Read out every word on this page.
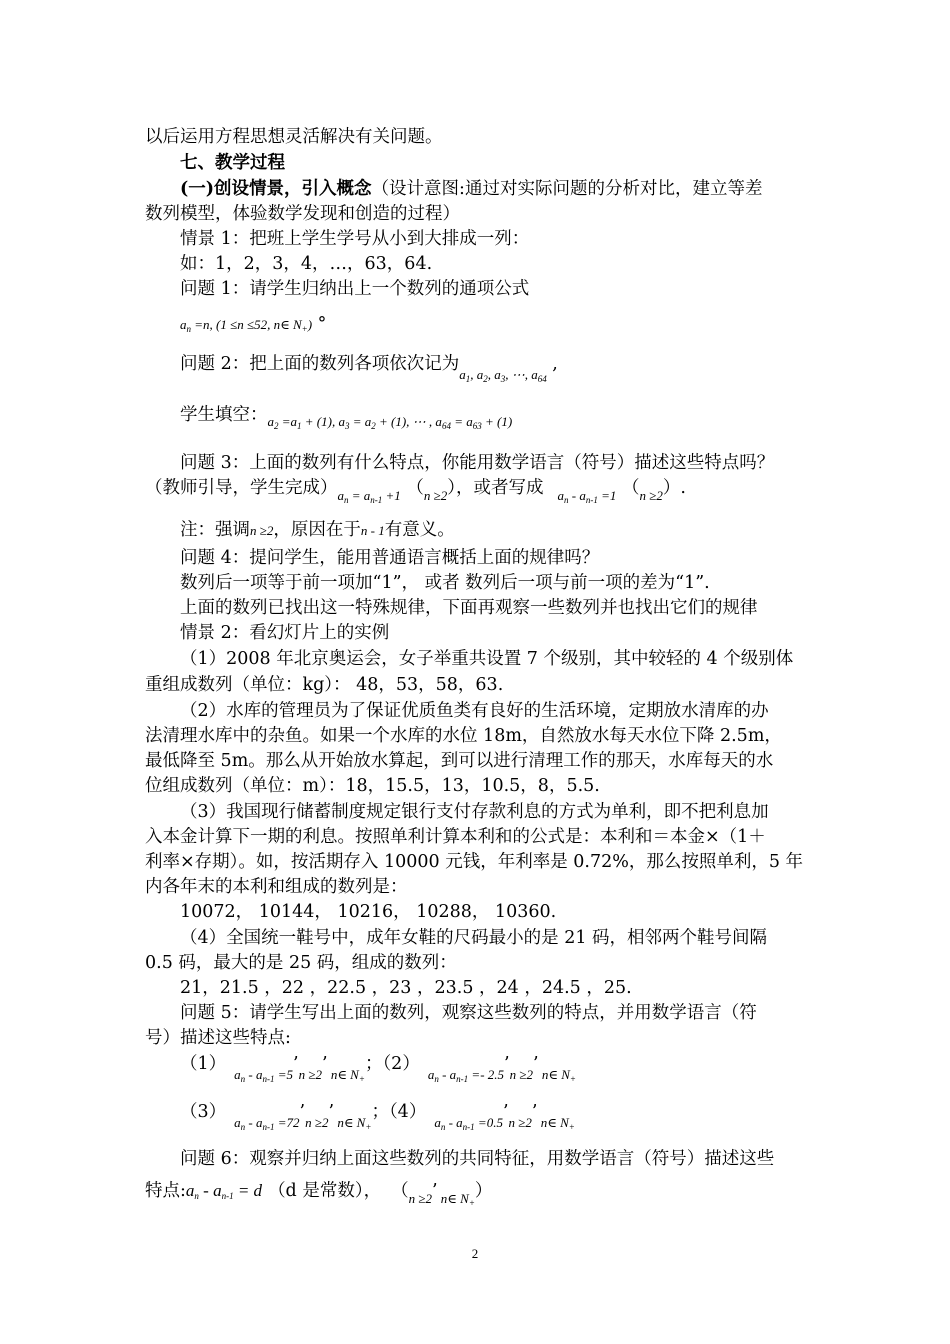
以后运用方程思想灵活解决有关问题。
七、教学过程
(一)创设情景，引入概念（设计意图:通过对实际问题的分析对比，建立等差
数列模型，体验数学发现和创造的过程）
情景 1：把班上学生学号从小到大排成一列：
如：1，2，3，4，…，63，64.
问题 1：请学生归纳出上一个数列的通项公式
$a_n =n$, (1 ≤n ≤52, n∈ $N_+$) °
问题 2：把上面的数列各项依次记为$_{a_1, a_2, a_3, \cdots, a_{64}}$ ,
学生填空：$_{a_2 =a_1 + (1), a_3 = a_2 + (1), \cdots , a_{64} = a_{63} + (1)}$
问题 3：上面的数列有什么特点，你能用数学语言（符号）描述这些特点吗？
（教师引导，学生完成）$_{a_n = a_{n-1} +1}$ $(_{n \ge 2})$，或者写成 $_{a_n - a_{n-1} =1}$ $(_{n \ge 2})$.
注：强调n ≥2，原因在于n - 1有意义。
问题 4：提问学生，能用普通语言概括上面的规律吗？
数列后一项等于前一项加“1”， 或者 数列后一项与前一项的差为“1”.
上面的数列已找出这一特殊规律，下面再观察一些数列并也找出它们的规律
情景 2：看幻灯片上的实例
（1）2008 年北京奥运会，女子举重共设置 7 个级别，其中较轻的 4 个级别体
重组成数列（单位：kg）： 48，53，58，63.
（2）水库的管理员为了保证优质鱼类有良好的生活环境，定期放水清库的办
法清理水库中的杂鱼。如果一个水库的水位 18m，自然放水每天水位下降 2.5m，
最低降至 5m。那么从开始放水算起，到可以进行清理工作的那天，水库每天的水
位组成数列（单位：m）：18，15.5，13，10.5，8，5.5.
（3）我国现行储蓄制度规定银行支付存款利息的方式为单利，即不把利息加
入本金计算下一期的利息。按照单利计算本利和的公式是：本利和＝本金×（1＋
利率×存期）。如，按活期存入 10000 元钱，年利率是 0.72%，那么按照单利，5 年
内各年末的本利和组成的数列是：
10072， 10144， 10216， 10288， 10360.
（4）全国统一鞋号中，成年女鞋的尺码最小的是 21 码，相邻两个鞋号间隔
0.5 码，最大的是 25 码，组成的数列：
21，21.5 ，22 ，22.5 ，23 ，23.5 ，24 ，24.5 ，25.
问题 5：请学生写出上面的数列，观察这些数列的特点，并用数学语言（符
号）描述这些特点:
$(1)_{a_n - a_{n-1} =5}’_{n \ge 2}$’ $_{n\in N_+}$；$(2)_{a_n - a_{n-1} =- 2.5}’_{n \ge 2}$’ $_{n\in N_+}$
$(3)_{a_n - a_{n-1} =72}’_{n \ge 2}$’ $_{n\in N_+}$；$(4)_{a_n - a_{n-1} =0.5}’_{n \ge 2}$’ $_{n\in N_+}$
问题 6：观察并归纳上面这些数列的共同特征，用数学语言（符号）描述这些
特点$:a_n - a_{n-1} = d$ （d 是常数）， （$_{n \ge 2}$’ $_{n\in N_+}$）
2
